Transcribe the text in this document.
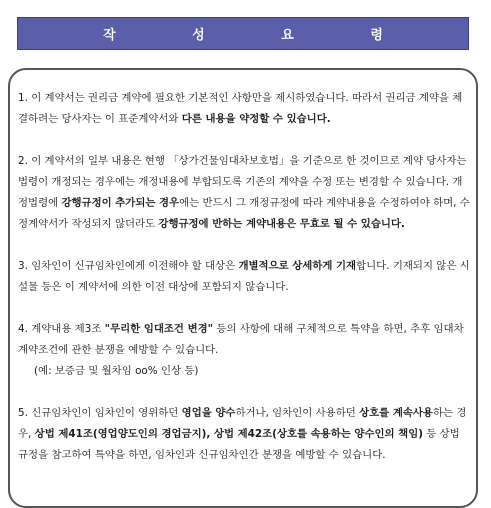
작 성 요 령

1. 이 계약서는 권리금 계약에 필요한 기본적인 사항만을 제시하였습니다. 따라서 권리금 계약을 체결하려는 당사자는 이 표준계약서와 다른 내용을 약정할 수 있습니다.

2. 이 계약서의 일부 내용은 현행 「상가건물임대차보호법」을 기준으로 한 것이므로 계약 당사자는 법령이 개정되는 경우에는 개정내용에 부합되도록 기존의 계약을 수정 또는 변경할 수 있습니다. 개정법령에 강행규정이 추가되는 경우에는 반드시 그 개정규정에 따라 계약내용을 수정하여야 하며, 수정계약서가 작성되지 않더라도 강행규정에 반하는 계약내용은 무효로 될 수 있습니다.

3. 임차인이 신규임차인에게 이전해야 할 대상은 개별적으로 상세하게 기재합니다. 기재되지 않은 시설물 등은 이 계약서에 의한 이전 대상에 포함되지 않습니다.

4. 계약내용 제3조 "무리한 임대조건 변경" 등의 사항에 대해 구체적으로 특약을 하면, 추후 임대차 계약조건에 관한 분쟁을 예방할 수 있습니다.

(예: 보증금 및 월차임 oo% 인상 등)

5. 신규임차인이 임차인이 영위하던 영업을 양수하거나, 임차인이 사용하던 상호를 계속사용하는 경우, 상법 제41조(영업양도인의 경업금지), 상법 제42조(상호를 속용하는 양수인의 책임) 등 상법 규정을 참고하여 특약을 하면, 임차인과 신규임차인간 분쟁을 예방할 수 있습니다.
